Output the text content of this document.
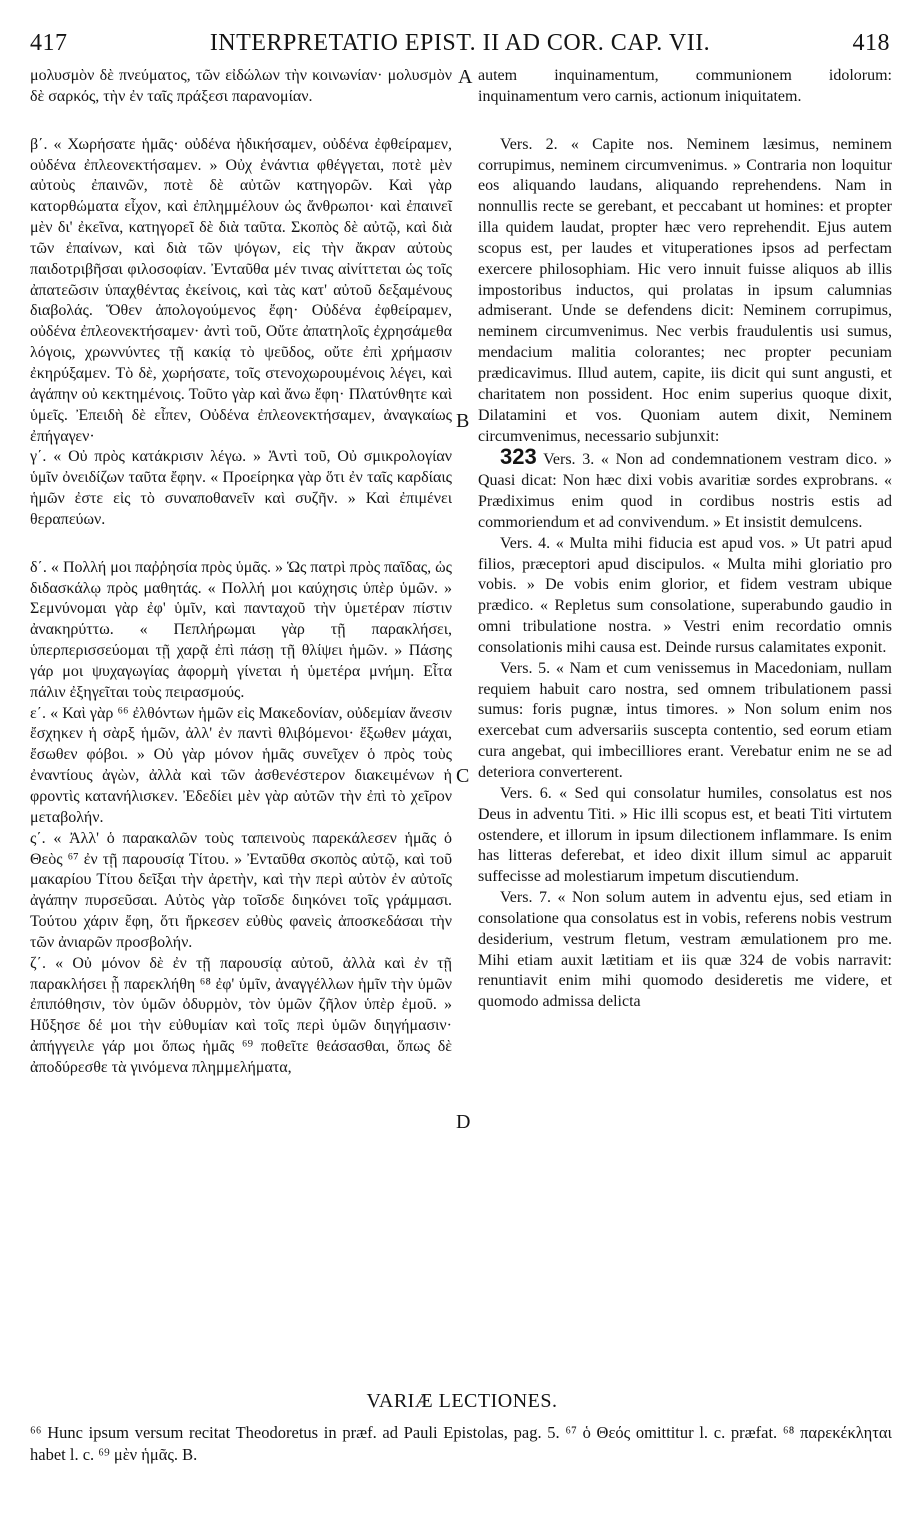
417	INTERPRETATIO EPIST. II AD COR. CAP. VII.	418
A
B
C
D

μολυσμὸν δὲ πνεύματος, τῶν εἰδώλων τὴν κοινωνίαν· μολυσμὸν δὲ σαρκός, τὴν ἐν ταῖς πράξεσι παρανομίαν.

β΄. « Χωρήσατε ἡμᾶς· οὐδένα ἠδικήσαμεν, οὐδένα ἐφθείραμεν, οὐδένα ἐπλεονεκτήσαμεν. » Οὐχ ἐνάντια φθέγγεται, ποτὲ μὲν αὐτοὺς ἐπαινῶν, ποτὲ δὲ αὐτῶν κατηγορῶν. Καὶ γὰρ κατορθώματα εἶχον, καὶ ἐπλημμέλουν ὡς ἄνθρωποι· καὶ ἐπαινεῖ μὲν δι' ἐκεῖνα, κατηγορεῖ δὲ διὰ ταῦτα. Σκοπὸς δὲ αὐτῷ, καὶ διὰ τῶν ἐπαίνων, καὶ διὰ τῶν ψόγων, εἰς τὴν ἄκραν αὐτοὺς παιδοτριβῆσαι φιλοσοφίαν. Ἐνταῦθα μέν τινας αἰνίττεται ὡς τοῖς ἀπατεῶσιν ὑπαχθέντας ἐκείνοις, καὶ τὰς κατ' αὐτοῦ δεξαμένους διαβολάς. Ὅθεν ἀπολογούμενος ἔφη· Οὐδένα ἐφθείραμεν, οὐδένα ἐπλεονεκτήσαμεν· ἀντὶ τοῦ, Οὔτε ἀπατηλοῖς ἐχρησάμεθα λόγοις, χρωννύντες τῇ κακίᾳ τὸ ψεῦδος, οὔτε ἐπὶ χρήμασιν ἐκηρύξαμεν. Τὸ δὲ, χωρήσατε, τοῖς στενοχωρουμένοις λέγει, καὶ ἀγάπην οὐ κεκτημένοις. Τοῦτο γὰρ καὶ ἄνω ἔφη· Πλατύνθητε καὶ ὑμεῖς. Ἐπειδὴ δὲ εἶπεν, Οὐδένα ἐπλεονεκτήσαμεν, ἀναγκαίως ἐπήγαγεν·

γ΄. « Οὐ πρὸς κατάκρισιν λέγω. » Ἀντὶ τοῦ, Οὐ σμικρολογίαν ὑμῖν ὀνειδίζων ταῦτα ἔφην. « Προείρηκα γὰρ ὅτι ἐν ταῖς καρδίαις ἡμῶν ἐστε εἰς τὸ συναποθανεῖν καὶ συζῆν. » Καὶ ἐπιμένει θεραπεύων.

δ΄. « Πολλή μοι παῤῥησία πρὸς ὑμᾶς. » Ὡς πατρὶ πρὸς παῖδας, ὡς διδασκάλῳ πρὸς μαθητάς. « Πολλή μοι καύχησις ὑπὲρ ὑμῶν. » Σεμνύνομαι γὰρ ἐφ' ὑμῖν, καὶ πανταχοῦ τὴν ὑμετέραν πίστιν ἀνακηρύττω. « Πεπλήρωμαι γὰρ τῇ παρακλήσει, ὑπερπερισσεύομαι τῇ χαρᾷ ἐπὶ πάσῃ τῇ θλίψει ἡμῶν. » Πάσης γάρ μοι ψυχαγωγίας ἀφορμὴ γίνεται ἡ ὑμετέρα μνήμη. Εἶτα πάλιν ἐξηγεῖται τοὺς πειρασμούς.

ε΄. « Καὶ γὰρ ⁶⁶ ἐλθόντων ἡμῶν εἰς Μακεδονίαν, οὐδεμίαν ἄνεσιν ἔσχηκεν ἡ σὰρξ ἡμῶν, ἀλλ' ἐν παντὶ θλιβόμενοι· ἔξωθεν μάχαι, ἔσωθεν φόβοι. » Οὐ γὰρ μόνον ἡμᾶς συνεῖχεν ὁ πρὸς τοὺς ἐναντίους ἀγὼν, ἀλλὰ καὶ τῶν ἀσθενέστερον διακειμένων ἡ φροντὶς κατανήλισκεν. Ἐδεδίει μὲν γὰρ αὐτῶν τὴν ἐπὶ τὸ χεῖρον μεταβολήν.

ς΄. « Ἀλλ' ὁ παρακαλῶν τοὺς ταπεινοὺς παρεκάλεσεν ἡμᾶς ὁ Θεὸς ⁶⁷ ἐν τῇ παρουσίᾳ Τίτου. » Ἐνταῦθα σκοπὸς αὐτῷ, καὶ τοῦ μακαρίου Τίτου δεῖξαι τὴν ἀρετὴν, καὶ τὴν περὶ αὐτὸν ἐν αὐτοῖς ἀγάπην πυρσεῦσαι. Αὐτὸς γὰρ τοῖσδε διηκόνει τοῖς γράμμασι. Τούτου χάριν ἔφη, ὅτι ἤρκεσεν εὐθὺς φανεὶς ἀποσκεδάσαι τὴν τῶν ἀνιαρῶν προσβολήν.

ζ΄. « Οὐ μόνον δὲ ἐν τῇ παρουσίᾳ αὐτοῦ, ἀλλὰ καὶ ἐν τῇ παρακλήσει ᾗ παρεκλήθη ⁶⁸ ἐφ' ὑμῖν, ἀναγγέλλων ἡμῖν τὴν ὑμῶν ἐπιπόθησιν, τὸν ὑμῶν ὀδυρμὸν, τὸν ὑμῶν ζῆλον ὑπὲρ ἐμοῦ. » Ηὔξησε δέ μοι τὴν εὐθυμίαν καὶ τοῖς περὶ ὑμῶν διηγήμασιν· ἀπήγγειλε γάρ μοι ὅπως ἡμᾶς ⁶⁹ ποθεῖτε θεάσασθαι, ὅπως δὲ ἀποδύρεσθε τὰ γινόμενα πλημμελήματα,

autem inquinamentum, communionem idolorum: inquinamentum vero carnis, actionum iniquitatem.

Vers. 2. « Capite nos. Neminem læsimus, neminem corrupimus, neminem circumvenimus. » Contraria non loquitur eos aliquando laudans, aliquando reprehendens. Nam in nonnullis recte se gerebant, et peccabant ut homines: et propter illa quidem laudat, propter hæc vero reprehendit. Ejus autem scopus est, per laudes et vituperationes ipsos ad perfectam exercere philosophiam. Hic vero innuit fuisse aliquos ab illis impostoribus inductos, qui prolatas in ipsum calumnias admiserant. Unde se defendens dicit: Neminem corrupimus, neminem circumvenimus. Nec verbis fraudulentis usi sumus, mendacium malitia colorantes; nec propter pecuniam prædicavimus. Illud autem, capite, iis dicit qui sunt angusti, et charitatem non possident. Hoc enim superius quoque dixit, Dilatamini et vos. Quoniam autem dixit, Neminem circumvenimus, necessario subjunxit:

323 Vers. 3. « Non ad condemnationem vestram dico. » Quasi dicat: Non hæc dixi vobis avaritiæ sordes exprobrans. « Prædiximus enim quod in cordibus nostris estis ad commoriendum et ad convivendum. » Et insistit demulcens.

Vers. 4. « Multa mihi fiducia est apud vos. » Ut patri apud filios, præceptori apud discipulos. « Multa mihi gloriatio pro vobis. » De vobis enim glorior, et fidem vestram ubique prædico. « Repletus sum consolatione, superabundo gaudio in omni tribulatione nostra. » Vestri enim recordatio omnis consolationis mihi causa est. Deinde rursus calamitates exponit.

Vers. 5. « Nam et cum venissemus in Macedoniam, nullam requiem habuit caro nostra, sed omnem tribulationem passi sumus: foris pugnæ, intus timores. » Non solum enim nos exercebat cum adversariis suscepta contentio, sed eorum etiam cura angebat, qui imbecilliores erant. Verebatur enim ne se ad deteriora converterent.

Vers. 6. « Sed qui consolatur humiles, consolatus est nos Deus in adventu Titi. » Hic illi scopus est, et beati Titi virtutem ostendere, et illorum in ipsum dilectionem inflammare. Is enim has litteras deferebat, et ideo dixit illum simul ac apparuit suffecisse ad molestiarum impetum discutiendum.

Vers. 7. « Non solum autem in adventu ejus, sed etiam in consolatione qua consolatus est in vobis, referens nobis vestrum desiderium, vestrum fletum, vestram æmulationem pro me. Mihi etiam auxit lætitiam et iis quæ 324 de vobis narravit: renuntiavit enim mihi quomodo desideretis me videre, et quomodo admissa delicta

VARIÆ LECTIONES.
⁶⁶ Hunc ipsum versum recitat Theodoretus in præf. ad Pauli Epistolas, pag. 5. ⁶⁷ ὁ Θεός omittitur l. c. præfat. ⁶⁸ παρεκέκληται habet l. c. ⁶⁹ μὲν ἡμᾶς. B.
